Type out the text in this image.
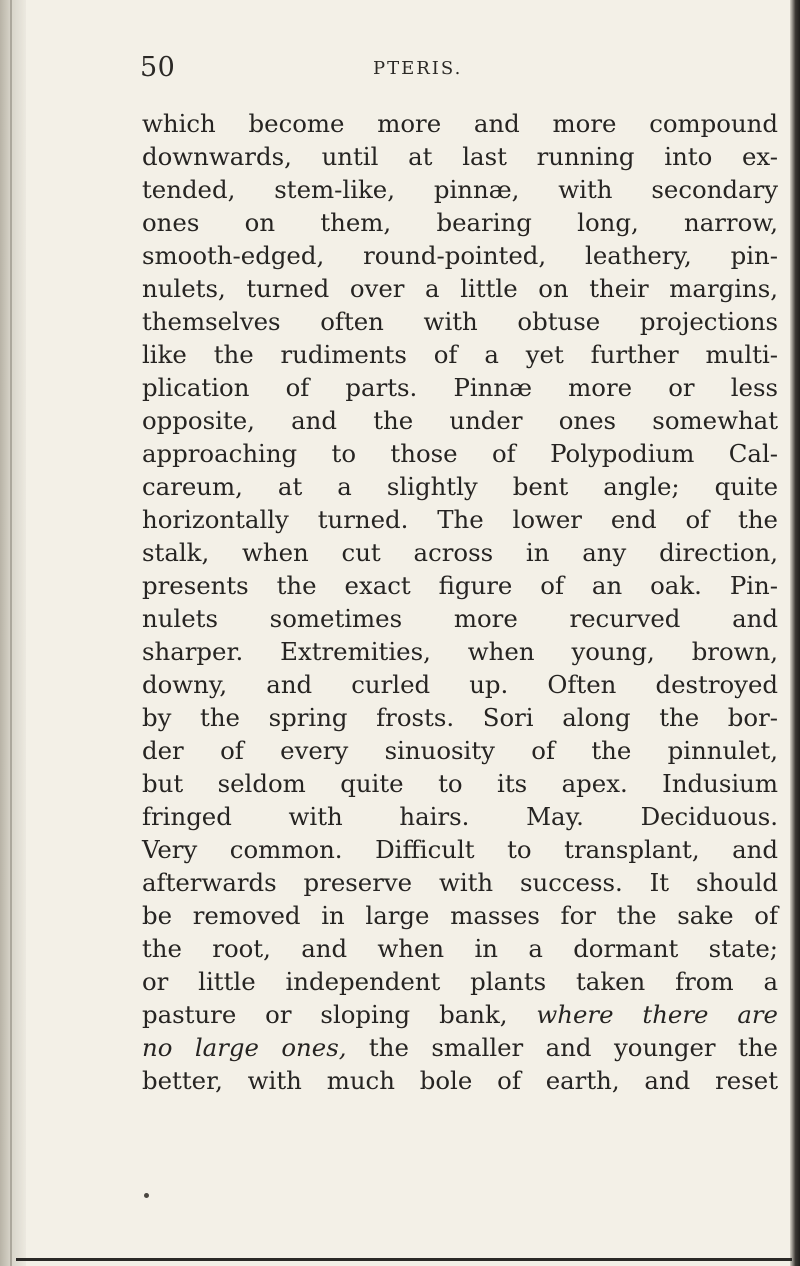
50	PTERIS.
which become more and more compound
downwards, until at last running into ex-
tended, stem-like, pinnæ, with secondary
ones on them, bearing long, narrow,
smooth-edged, round-pointed, leathery, pin-
nulets, turned over a little on their margins,
themselves often with obtuse projections
like the rudiments of a yet further multi-
plication of parts. Pinnæ more or less
opposite, and the under ones somewhat
approaching to those of Polypodium Cal-
careum, at a slightly bent angle; quite
horizontally turned. The lower end of the
stalk, when cut across in any direction,
presents the exact figure of an oak. Pin-
nulets sometimes more recurved and
sharper. Extremities, when young, brown,
downy, and curled up. Often destroyed
by the spring frosts. Sori along the bor-
der of every sinuosity of the pinnulet,
but seldom quite to its apex. Indusium
fringed with hairs. May. Deciduous.
Very common. Difficult to transplant, and
afterwards preserve with success. It should
be removed in large masses for the sake of
the root, and when in a dormant state;
or little independent plants taken from a
pasture or sloping bank, where there are
no large ones, the smaller and younger the
better, with much bole of earth, and reset
